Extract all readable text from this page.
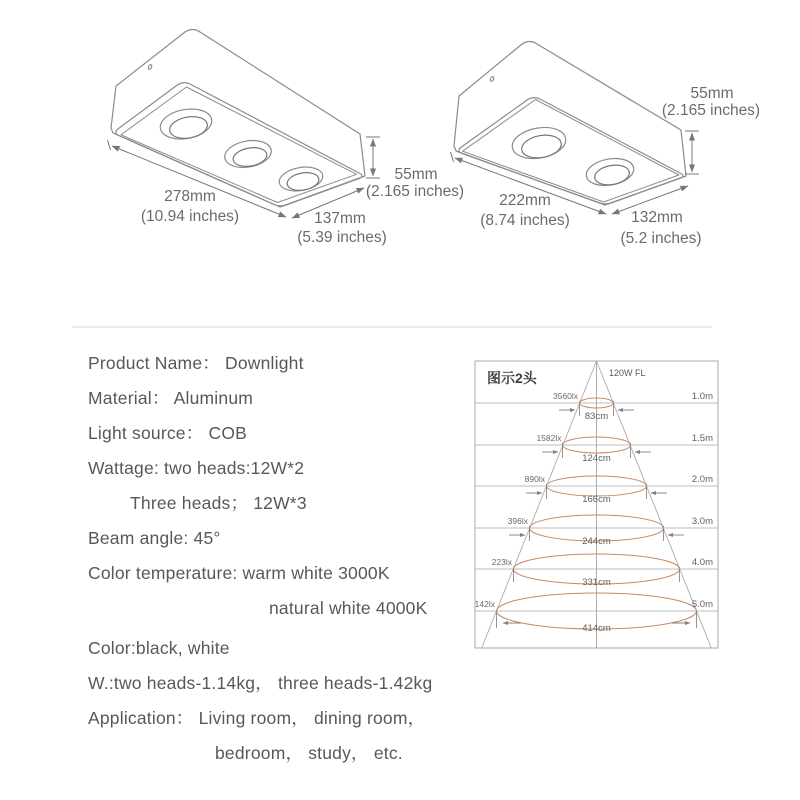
278mm
(10.94 inches)	137mm
(5.39 inches)
55mm
(2.165 inches)
222mm
(8.74 inches)	132mm
(5.2 inches)
55mm
(2.165 inches)
图示2头	120W FL
3560lx	1.0m
83cm
1582lx	1.5m
124cm
890lx	2.0m
166cm
396lx	3.0m
244cm
223lx	4.0m
331cm
142lx	5.0m
414cm
Product Name： Downlight
Material： Aluminum
Light source： COB
Wattage: two heads:12W*2
Three heads； 12W*3
Beam angle: 45°
Color temperature: warm white 3000K
natural white 4000K
Color:black, white
W.:two heads-1.14kg， three heads-1.42kg
Application： Living room， dining room，
bedroom， study， etc.
